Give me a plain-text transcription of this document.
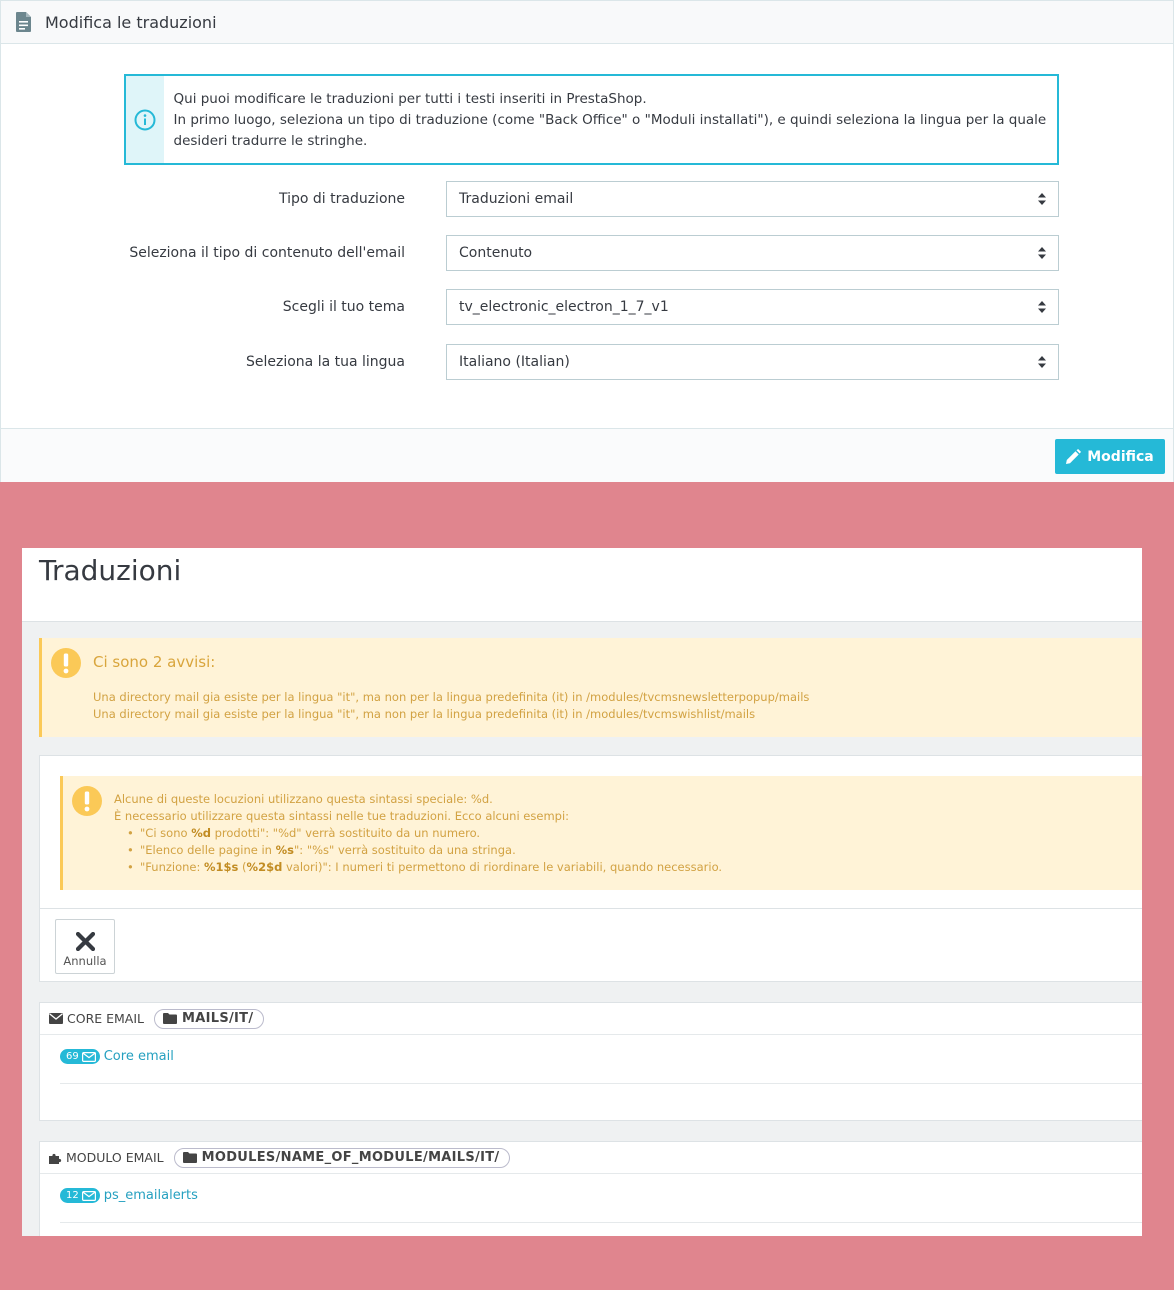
Modifica le traduzioni
Qui puoi modificare le traduzioni per tutti i testi inseriti in PrestaShop.
In primo luogo, seleziona un tipo di traduzione (come "Back Office" o "Moduli installati"), e quindi seleziona la lingua per la quale desideri tradurre le stringhe.
Tipo di traduzione	Traduzioni email
Seleziona il tipo di contenuto dell'email	Contenuto
Scegli il tuo tema	tv_electronic_electron_1_7_v1
Seleziona la tua lingua	Italiano (Italian)
Modifica
Traduzioni
Ci sono 2 avvisi:
Una directory mail gia esiste per la lingua "it", ma non per la lingua predefinita (it) in /modules/tvcmsnewsletterpopup/mails
Una directory mail gia esiste per la lingua "it", ma non per la lingua predefinita (it) in /modules/tvcmswishlist/mails
Alcune di queste locuzioni utilizzano questa sintassi speciale: %d.
È necessario utilizzare questa sintassi nelle tue traduzioni. Ecco alcuni esempi:
• "Ci sono %d prodotti": "%d" verrà sostituito da un numero.
• "Elenco delle pagine in %s": "%s" verrà sostituito da una stringa.
• "Funzione: %1$s (%2$d valori)": I numeri ti permettono di riordinare le variabili, quando necessario.
Annulla
CORE EMAIL	MAILS/IT/
69 Core email
MODULO EMAIL	MODULES/NAME_OF_MODULE/MAILS/IT/
12 ps_emailalerts
